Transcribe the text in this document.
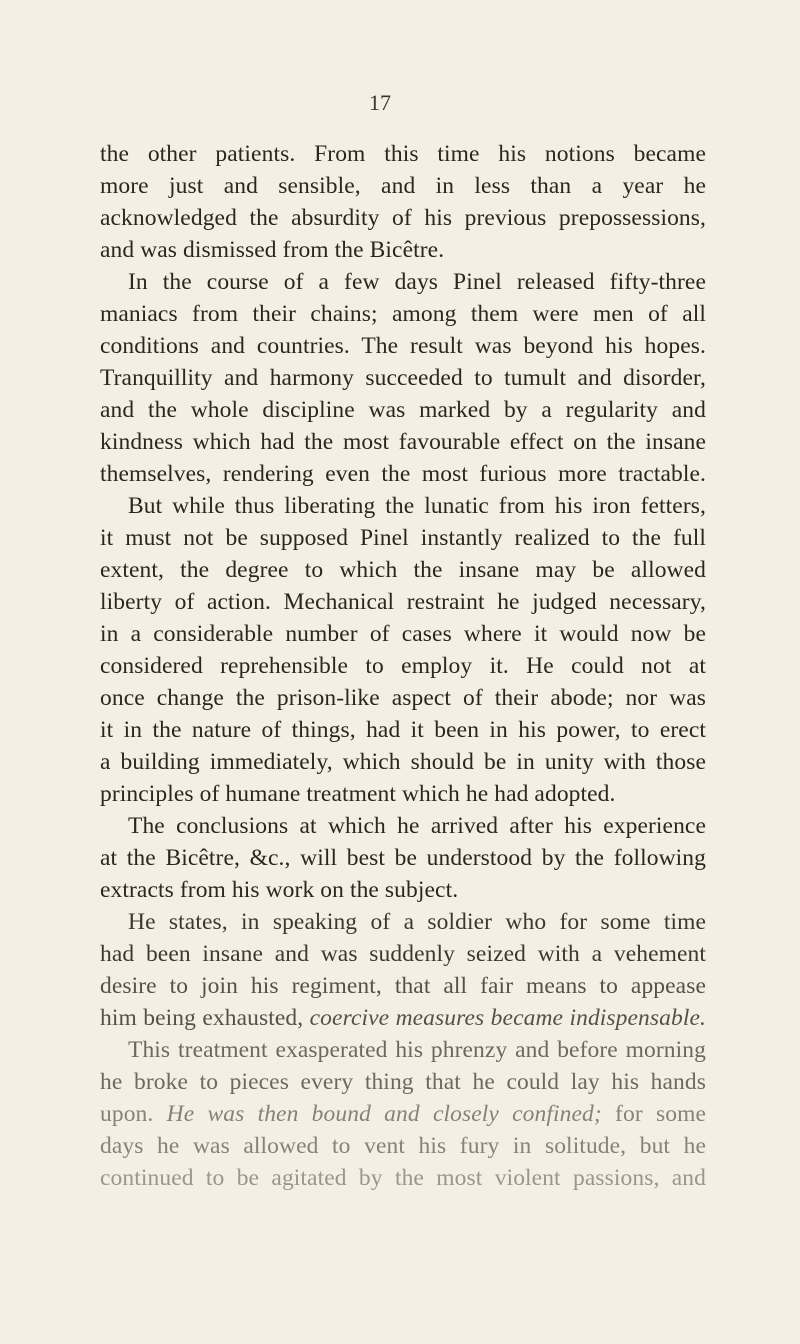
17
the other patients. From this time his notions became
more just and sensible, and in less than a year he
acknowledged the absurdity of his previous prepossessions,
and was dismissed from the Bicêtre.
In the course of a few days Pinel released fifty-three
maniacs from their chains; among them were men of all
conditions and countries. The result was beyond his hopes.
Tranquillity and harmony succeeded to tumult and disorder,
and the whole discipline was marked by a regularity and
kindness which had the most favourable effect on the insane
themselves, rendering even the most furious more tractable.
But while thus liberating the lunatic from his iron fetters,
it must not be supposed Pinel instantly realized to the full
extent, the degree to which the insane may be allowed
liberty of action. Mechanical restraint he judged necessary,
in a considerable number of cases where it would now be
considered reprehensible to employ it. He could not at
once change the prison-like aspect of their abode; nor was
it in the nature of things, had it been in his power, to erect
a building immediately, which should be in unity with those
principles of humane treatment which he had adopted.
The conclusions at which he arrived after his experience
at the Bicêtre, &c., will best be understood by the following
extracts from his work on the subject.
He states, in speaking of a soldier who for some time
had been insane and was suddenly seized with a vehement
desire to join his regiment, that all fair means to appease
him being exhausted, coercive measures became indispensable.
This treatment exasperated his phrenzy and before morning
he broke to pieces every thing that he could lay his hands
upon. He was then bound and closely confined; for some
days he was allowed to vent his fury in solitude, but he
continued to be agitated by the most violent passions, and
